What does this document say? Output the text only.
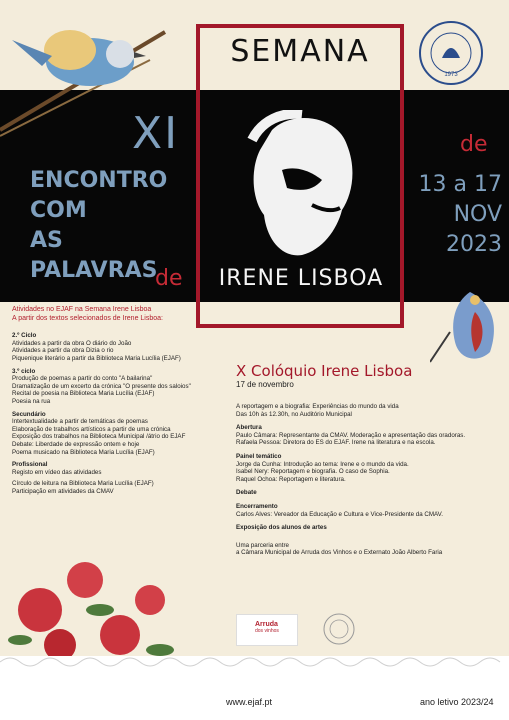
SEMANA
XI
ENCONTRO
COM
AS PALAVRAS
de	IRENE LISBOA
de
13 a 17
NOV
2023
1973
Atividades no EJAF na Semana Irene Lisboa
A partir dos textos selecionados de Irene Lisboa:
2.º Ciclo
Atividades a partir da obra O diário do João
Atividades a partir da obra Dizia o rio
Piquenique literário a partir da Biblioteca Maria Lucília (EJAF)
3.º ciclo
Produção de poemas a partir do conto "A bailarina"
Dramatização de um excerto da crónica "O presente dos saloios"
Recital de poesia na Biblioteca Maria Lucília (EJAF)
Poesia na rua
Secundário
Intertextualidade a partir de temáticas de poemas
Elaboração de trabalhos artísticos a partir de uma crónica
Exposição dos trabalhos na Biblioteca Municipal /átrio do EJAF
Debate: Liberdade de expressão ontem e hoje
Poema musicado na Biblioteca Maria Lucília (EJAF)
Profissional
Registo em vídeo das atividades
Círculo de leitura na Biblioteca Maria Lucília (EJAF)
Participação em atividades da CMAV
X Colóquio Irene Lisboa
17 de novembro
A reportagem e a biografia: Experiências do mundo da vida
Das 10h às 12.30h, no Auditório Municipal
Abertura
Paulo Câmara: Representante da CMAV. Moderação e apresentação das oradoras.
Rafaela Pessoa: Diretora do ES do EJAF. Irene na literatura e na escola.
Painel temático
Jorge da Cunha: Introdução ao tema: Irene e o mundo da vida.
Isabel Nery: Reportagem e biografia. O caso de Sophia.
Raquel Ochoa: Reportagem e literatura.
Debate
Encerramento
Carlos Alves: Vereador da Educação e Cultura e Vice-Presidente da CMAV.
Exposição dos alunos de artes
Uma parceria entre
a Câmara Municipal de Arruda dos Vinhos e o Externato João Alberto Faria
Arruda
dos vinhos
www.ejaf.pt	ano letivo 2023/24
